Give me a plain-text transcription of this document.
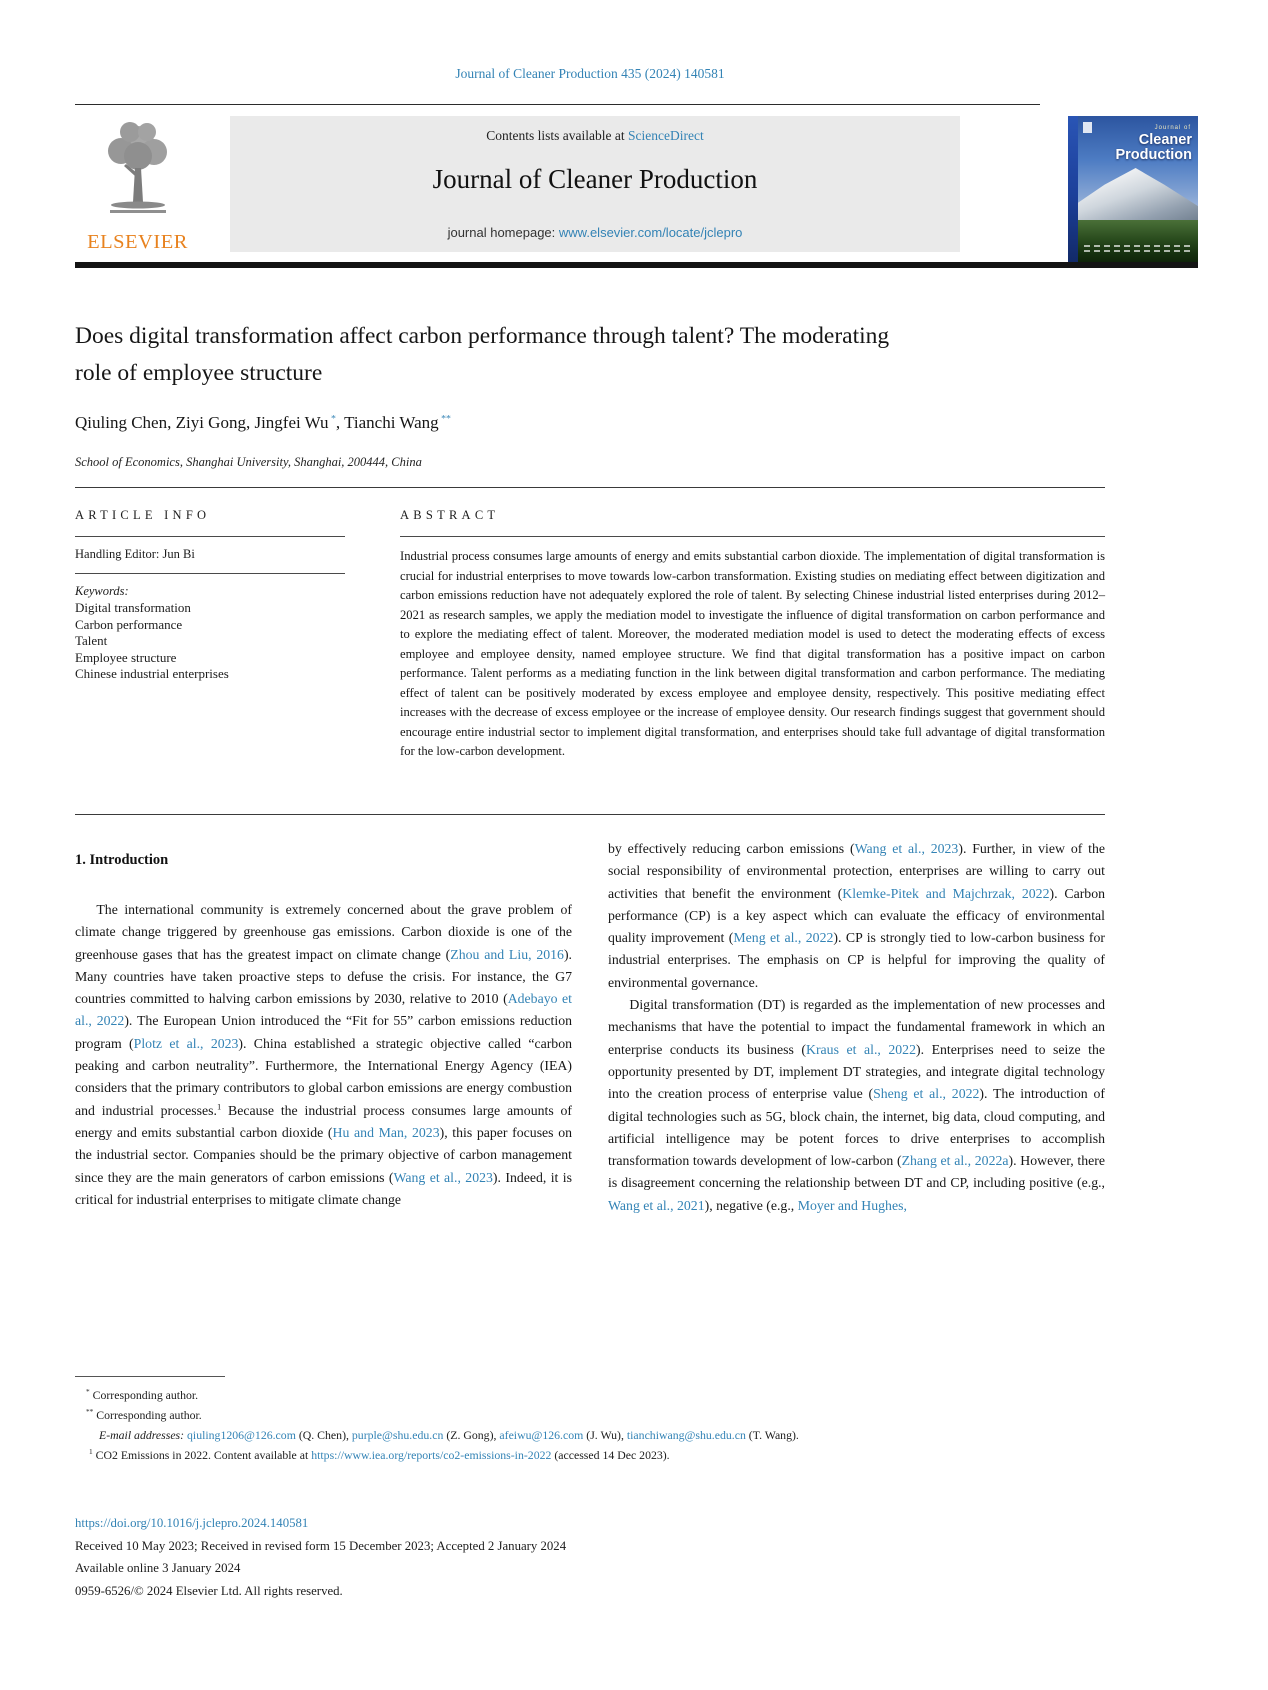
Journal of Cleaner Production 435 (2024) 140581
ELSEVIER
Contents lists available at ScienceDirect
Journal of Cleaner Production
journal homepage: www.elsevier.com/locate/jclepro
Journal of
Cleaner Production
Does digital transformation affect carbon performance through talent? The moderating role of employee structure
Qiuling Chen, Ziyi Gong, Jingfei Wu *, Tianchi Wang **
School of Economics, Shanghai University, Shanghai, 200444, China
ARTICLE INFO
Handling Editor: Jun Bi
Keywords:
Digital transformation
Carbon performance
Talent
Employee structure
Chinese industrial enterprises
ABSTRACT
Industrial process consumes large amounts of energy and emits substantial carbon dioxide. The implementation of digital transformation is crucial for industrial enterprises to move towards low-carbon transformation. Existing studies on mediating effect between digitization and carbon emissions reduction have not adequately explored the role of talent. By selecting Chinese industrial listed enterprises during 2012–2021 as research samples, we apply the mediation model to investigate the influence of digital transformation on carbon performance and to explore the mediating effect of talent. Moreover, the moderated mediation model is used to detect the moderating effects of excess employee and employee density, named employee structure. We find that digital transformation has a positive impact on carbon performance. Talent performs as a mediating function in the link between digital transformation and carbon performance. The mediating effect of talent can be positively moderated by excess employee and employee density, respectively. This positive mediating effect increases with the decrease of excess employee or the increase of employee density. Our research findings suggest that government should encourage entire industrial sector to implement digital transformation, and enterprises should take full advantage of digital transformation for the low-carbon development.
1. Introduction

The international community is extremely concerned about the grave problem of climate change triggered by greenhouse gas emissions. Carbon dioxide is one of the greenhouse gases that has the greatest impact on climate change (Zhou and Liu, 2016). Many countries have taken proactive steps to defuse the crisis. For instance, the G7 countries committed to halving carbon emissions by 2030, relative to 2010 (Adebayo et al., 2022). The European Union introduced the “Fit for 55” carbon emissions reduction program (Plotz et al., 2023). China established a strategic objective called “carbon peaking and carbon neutrality”. Furthermore, the International Energy Agency (IEA) considers that the primary contributors to global carbon emissions are energy combustion and industrial processes.$^1$ Because the industrial process consumes large amounts of energy and emits substantial carbon dioxide (Hu and Man, 2023), this paper focuses on the industrial sector. Companies should be the primary objective of carbon management since they are the main generators of carbon emissions (Wang et al., 2023). Indeed, it is critical for industrial enterprises to mitigate climate change

by effectively reducing carbon emissions (Wang et al., 2023). Further, in view of the social responsibility of environmental protection, enterprises are willing to carry out activities that benefit the environment (Klemke-Pitek and Majchrzak, 2022). Carbon performance (CP) is a key aspect which can evaluate the efficacy of environmental quality improvement (Meng et al., 2022). CP is strongly tied to low-carbon business for industrial enterprises. The emphasis on CP is helpful for improving the quality of environmental governance.

Digital transformation (DT) is regarded as the implementation of new processes and mechanisms that have the potential to impact the fundamental framework in which an enterprise conducts its business (Kraus et al., 2022). Enterprises need to seize the opportunity presented by DT, implement DT strategies, and integrate digital technology into the creation process of enterprise value (Sheng et al., 2022). The introduction of digital technologies such as 5G, block chain, the internet, big data, cloud computing, and artificial intelligence may be potent forces to drive enterprises to accomplish transformation towards development of low-carbon (Zhang et al., 2022a). However, there is disagreement concerning the relationship between DT and CP, including positive (e.g., Wang et al., 2021), negative (e.g., Moyer and Hughes,

* Corresponding author.
** Corresponding author.
E-mail addresses: qiuling1206@126.com (Q. Chen), purple@shu.edu.cn (Z. Gong), afeiwu@126.com (J. Wu), tianchiwang@shu.edu.cn (T. Wang).
$^1$ CO2 Emissions in 2022. Content available at https://www.iea.org/reports/co2-emissions-in-2022 (accessed 14 Dec 2023).
https://doi.org/10.1016/j.jclepro.2024.140581
Received 10 May 2023; Received in revised form 15 December 2023; Accepted 2 January 2024
Available online 3 January 2024
0959-6526/© 2024 Elsevier Ltd. All rights reserved.
